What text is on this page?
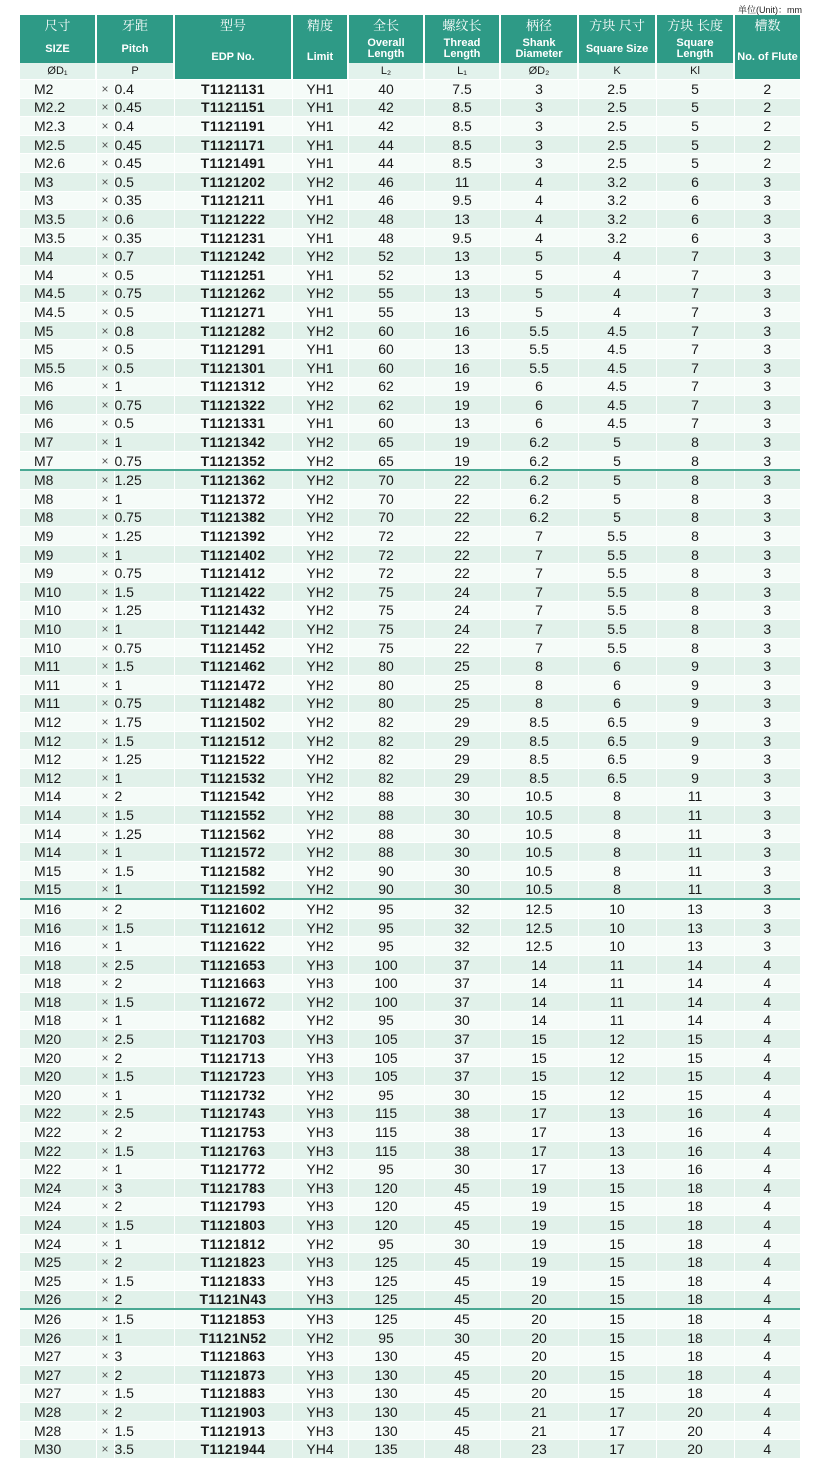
单位(Unit)：mm
尺寸	牙距		型号	精度	全长	螺纹长	柄径	方块 尺寸	方块 长度	槽数
SIZE	Pitch		EDP No.	Limit	Overall Length	Thread Length	Shank Diameter	Square Size	Square Length	No. of Flute
ØD₁	P				L₂	L₁	ØD₂	K	Kl	
M2	×	0.4	T1121131	YH1	40	7.5	3	2.5	5	2
M2.2	×	0.45	T1121151	YH1	42	8.5	3	2.5	5	2
M2.3	×	0.4	T1121191	YH1	42	8.5	3	2.5	5	2
M2.5	×	0.45	T1121171	YH1	44	8.5	3	2.5	5	2
M2.6	×	0.45	T1121491	YH1	44	8.5	3	2.5	5	2
M3	×	0.5	T1121202	YH2	46	11	4	3.2	6	3
M3	×	0.35	T1121211	YH1	46	9.5	4	3.2	6	3
M3.5	×	0.6	T1121222	YH2	48	13	4	3.2	6	3
M3.5	×	0.35	T1121231	YH1	48	9.5	4	3.2	6	3
M4	×	0.7	T1121242	YH2	52	13	5	4	7	3
M4	×	0.5	T1121251	YH1	52	13	5	4	7	3
M4.5	×	0.75	T1121262	YH2	55	13	5	4	7	3
M4.5	×	0.5	T1121271	YH1	55	13	5	4	7	3
M5	×	0.8	T1121282	YH2	60	16	5.5	4.5	7	3
M5	×	0.5	T1121291	YH1	60	13	5.5	4.5	7	3
M5.5	×	0.5	T1121301	YH1	60	16	5.5	4.5	7	3
M6	×	1	T1121312	YH2	62	19	6	4.5	7	3
M6	×	0.75	T1121322	YH2	62	19	6	4.5	7	3
M6	×	0.5	T1121331	YH1	60	13	6	4.5	7	3
M7	×	1	T1121342	YH2	65	19	6.2	5	8	3
M7	×	0.75	T1121352	YH2	65	19	6.2	5	8	3
M8	×	1.25	T1121362	YH2	70	22	6.2	5	8	3
M8	×	1	T1121372	YH2	70	22	6.2	5	8	3
M8	×	0.75	T1121382	YH2	70	22	6.2	5	8	3
M9	×	1.25	T1121392	YH2	72	22	7	5.5	8	3
M9	×	1	T1121402	YH2	72	22	7	5.5	8	3
M9	×	0.75	T1121412	YH2	72	22	7	5.5	8	3
M10	×	1.5	T1121422	YH2	75	24	7	5.5	8	3
M10	×	1.25	T1121432	YH2	75	24	7	5.5	8	3
M10	×	1	T1121442	YH2	75	24	7	5.5	8	3
M10	×	0.75	T1121452	YH2	75	22	7	5.5	8	3
M11	×	1.5	T1121462	YH2	80	25	8	6	9	3
M11	×	1	T1121472	YH2	80	25	8	6	9	3
M11	×	0.75	T1121482	YH2	80	25	8	6	9	3
M12	×	1.75	T1121502	YH2	82	29	8.5	6.5	9	3
M12	×	1.5	T1121512	YH2	82	29	8.5	6.5	9	3
M12	×	1.25	T1121522	YH2	82	29	8.5	6.5	9	3
M12	×	1	T1121532	YH2	82	29	8.5	6.5	9	3
M14	×	2	T1121542	YH2	88	30	10.5	8	11	3
M14	×	1.5	T1121552	YH2	88	30	10.5	8	11	3
M14	×	1.25	T1121562	YH2	88	30	10.5	8	11	3
M14	×	1	T1121572	YH2	88	30	10.5	8	11	3
M15	×	1.5	T1121582	YH2	90	30	10.5	8	11	3
M15	×	1	T1121592	YH2	90	30	10.5	8	11	3
M16	×	2	T1121602	YH2	95	32	12.5	10	13	3
M16	×	1.5	T1121612	YH2	95	32	12.5	10	13	3
M16	×	1	T1121622	YH2	95	32	12.5	10	13	3
M18	×	2.5	T1121653	YH3	100	37	14	11	14	4
M18	×	2	T1121663	YH3	100	37	14	11	14	4
M18	×	1.5	T1121672	YH2	100	37	14	11	14	4
M18	×	1	T1121682	YH2	95	30	14	11	14	4
M20	×	2.5	T1121703	YH3	105	37	15	12	15	4
M20	×	2	T1121713	YH3	105	37	15	12	15	4
M20	×	1.5	T1121723	YH3	105	37	15	12	15	4
M20	×	1	T1121732	YH2	95	30	15	12	15	4
M22	×	2.5	T1121743	YH3	115	38	17	13	16	4
M22	×	2	T1121753	YH3	115	38	17	13	16	4
M22	×	1.5	T1121763	YH3	115	38	17	13	16	4
M22	×	1	T1121772	YH2	95	30	17	13	16	4
M24	×	3	T1121783	YH3	120	45	19	15	18	4
M24	×	2	T1121793	YH3	120	45	19	15	18	4
M24	×	1.5	T1121803	YH3	120	45	19	15	18	4
M24	×	1	T1121812	YH2	95	30	19	15	18	4
M25	×	2	T1121823	YH3	125	45	19	15	18	4
M25	×	1.5	T1121833	YH3	125	45	19	15	18	4
M26	×	2	T1121N43	YH3	125	45	20	15	18	4
M26	×	1.5	T1121853	YH3	125	45	20	15	18	4
M26	×	1	T1121N52	YH2	95	30	20	15	18	4
M27	×	3	T1121863	YH3	130	45	20	15	18	4
M27	×	2	T1121873	YH3	130	45	20	15	18	4
M27	×	1.5	T1121883	YH3	130	45	20	15	18	4
M28	×	2	T1121903	YH3	130	45	21	17	20	4
M28	×	1.5	T1121913	YH3	130	45	21	17	20	4
M30	×	3.5	T1121944	YH4	135	48	23	17	20	4
